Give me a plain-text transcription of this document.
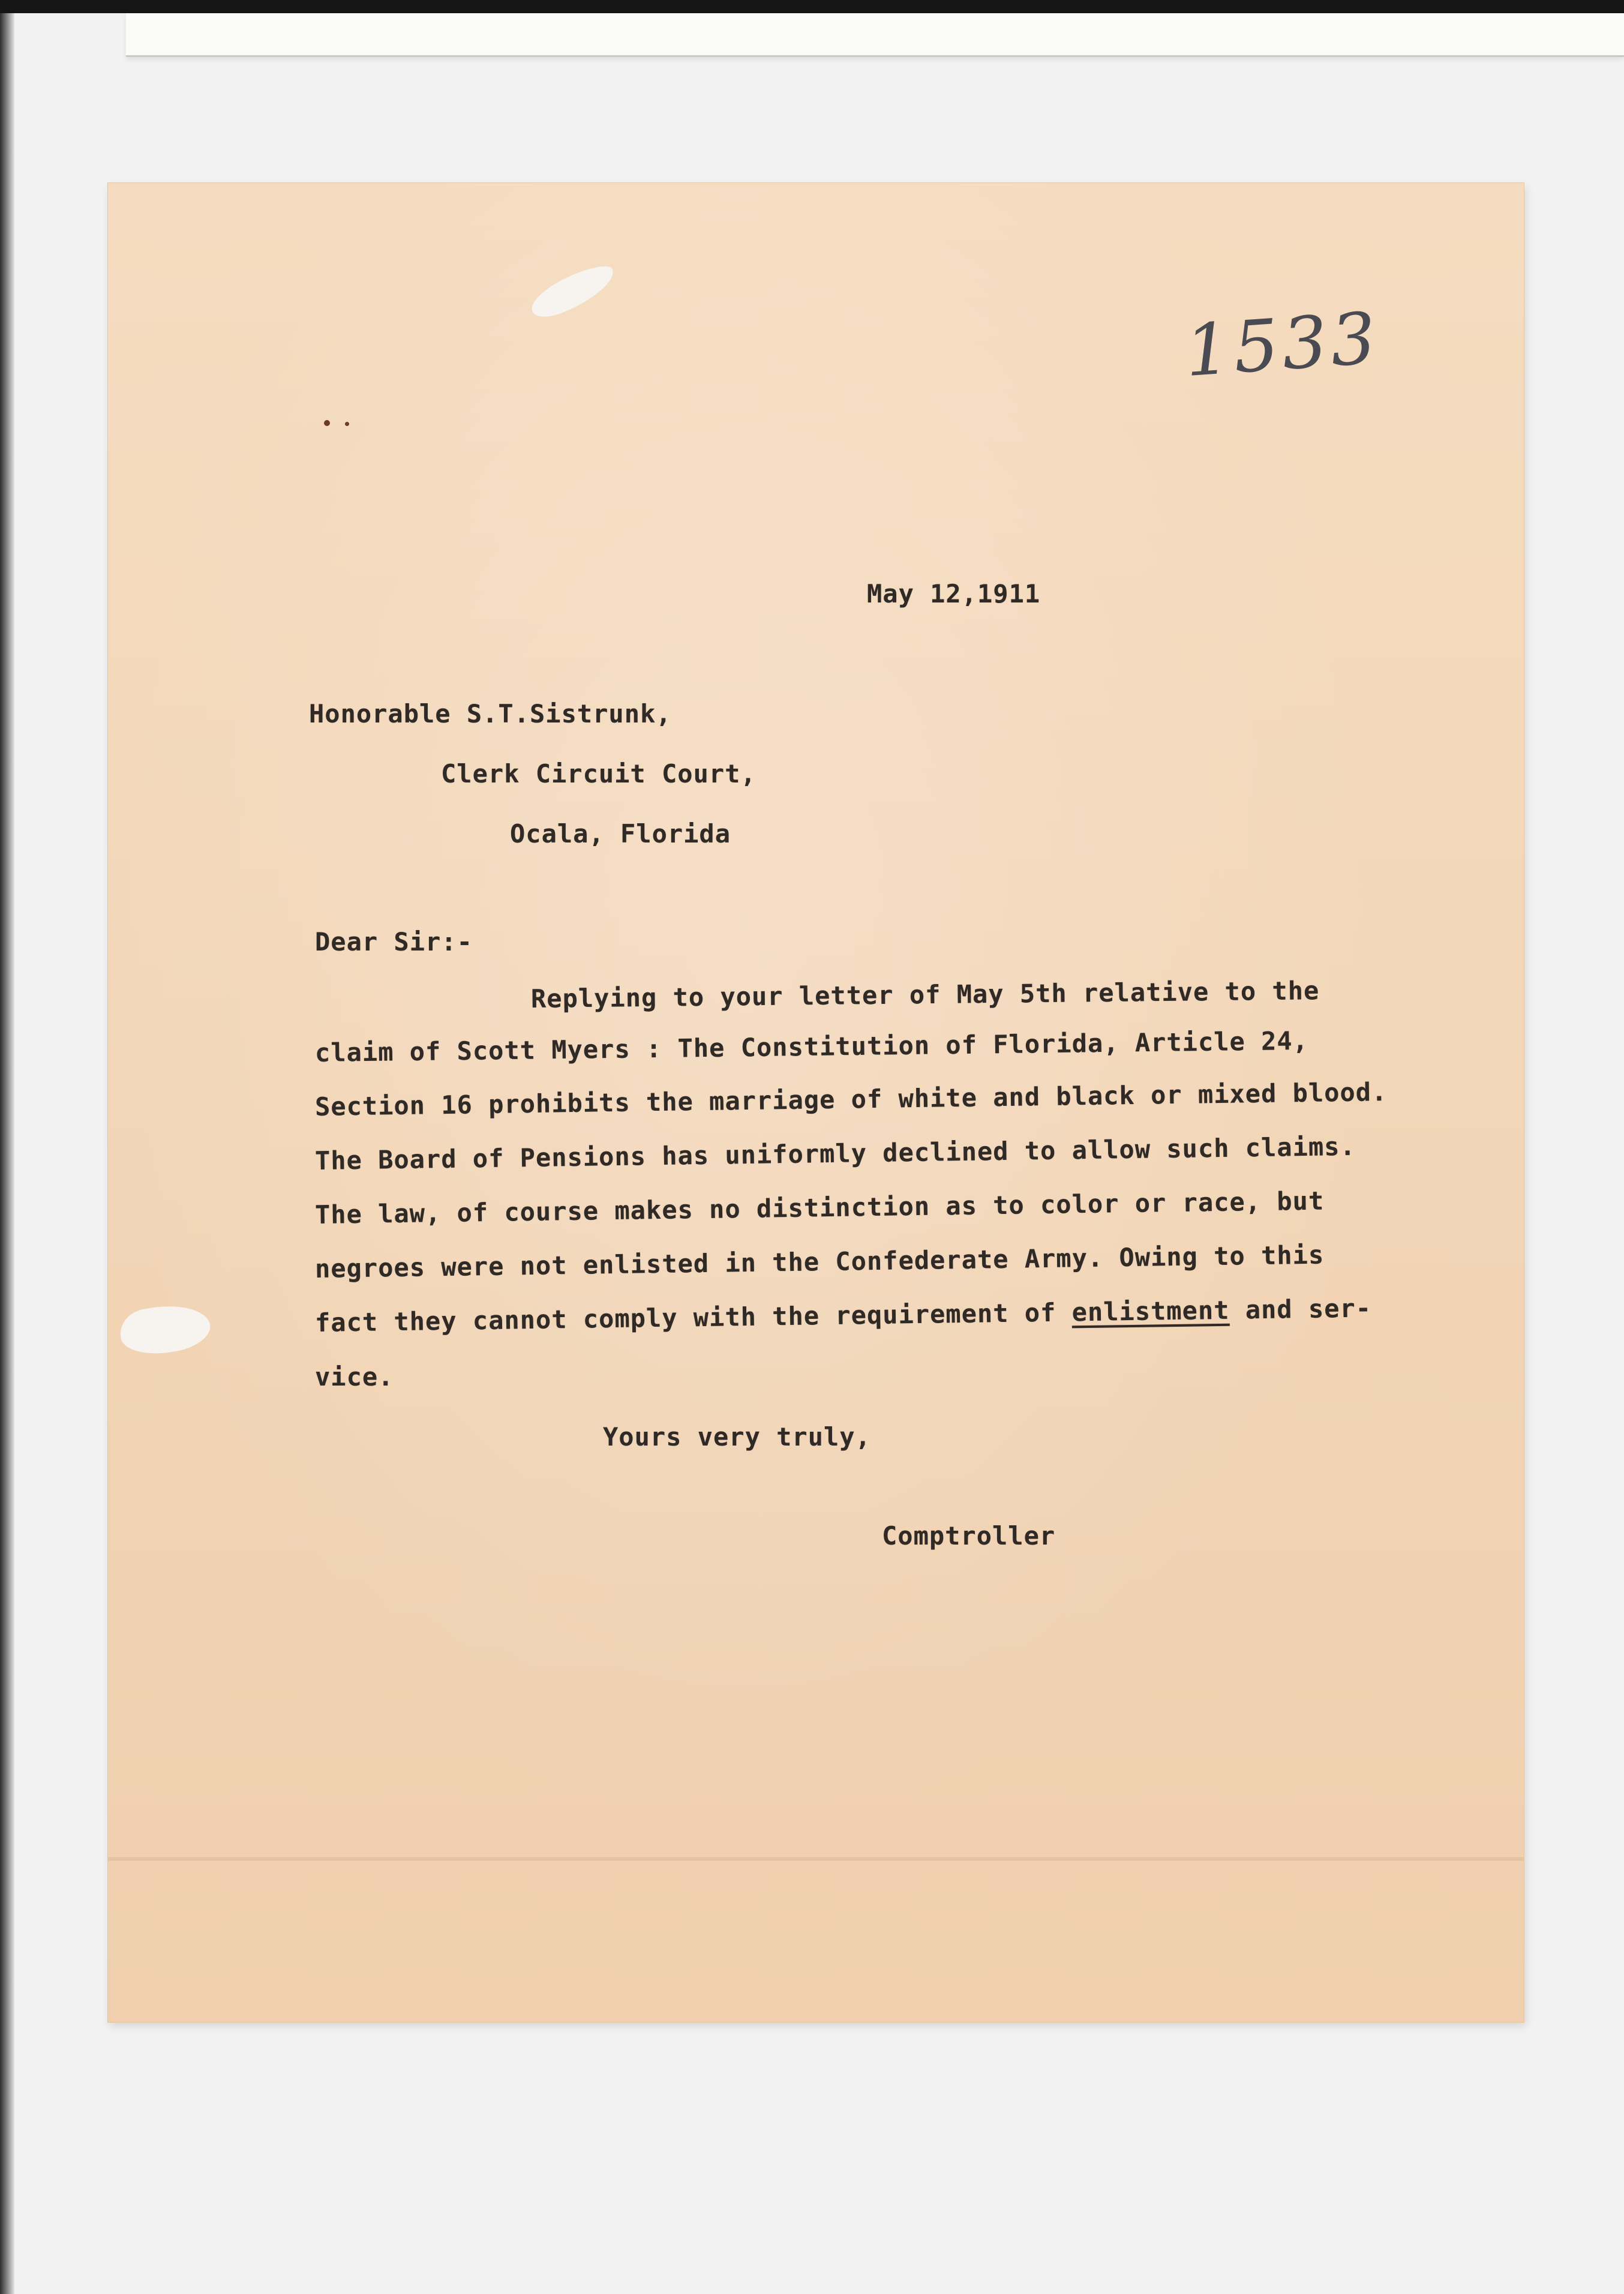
1533
May 12,1911
Honorable S.T.Sistrunk,
Clerk Circuit Court,
Ocala, Florida
Dear Sir:-
Replying to your letter of May 5th relative to the
claim of Scott Myers : The Constitution of Florida, Article 24,
Section 16 prohibits the marriage of white and black or mixed blood.
The Board of Pensions has uniformly declined to allow such claims.
The law, of course makes no distinction as to color or race, but
negroes were not enlisted in the Confederate Army. Owing to this
fact they cannot comply with the requirement of enlistment and ser-
vice.
Yours very truly,
Comptroller
